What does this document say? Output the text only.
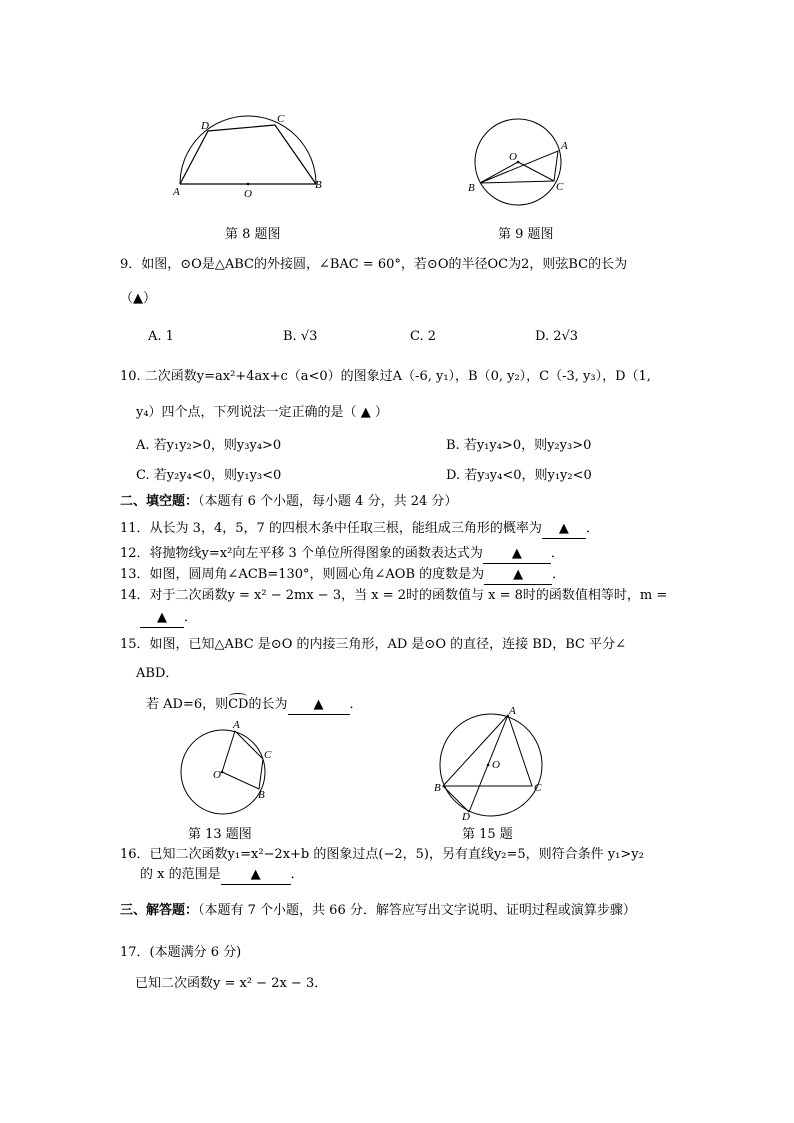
A
B
C
D
O
第 8 题图
A
B	C
O
第 9 题图
9．如图，⊙O是△ABC的外接圆，∠BAC = 60°，若⊙O的半径OC为2，则弦BC的长为
（▲）
A. 1	B. √3	C. 2	D. 2√3
10. 二次函数y=ax²+4ax+c（a<0）的图象过A（-6, y₁），B（0, y₂），C（-3, y₃），D（1,
y₄）四个点，下列说法一定正确的是（ ▲ ）
A. 若y₁y₂>0，则y₃y₄>0	B. 若y₁y₄>0，则y₂y₃>0
C. 若y₂y₄<0，则y₁y₃<0	D. 若y₃y₄<0，则y₁y₂<0
二、填空题：（本题有 6 个小题，每小题 4 分，共 24 分）
11．从长为 3，4，5，7 的四根木条中任取三根，能组成三角形的概率为 ▲ ．
12．将抛物线y=x²向左平移 3 个单位所得图象的函数表达式为 ▲ ．
13．如图，圆周角∠ACB=130°，则圆心角∠AOB 的度数是为 ▲ ．
14．对于二次函数y = x² − 2mx − 3，当 x = 2时的函数值与 x = 8时的函数值相等时，m =
▲ ．
15．如图，已知△ABC 是⊙O 的内接三角形，AD 是⊙O 的直径，连接 BD，BC 平分∠
ABD．
若 AD=6，则CD的长为 ▲ ．
A
B
C
O
第 13 题图
A
B	C
D
O
第 15 题
16．已知二次函数y₁=x²−2x+b 的图象过点(−2，5)，另有直线y₂=5，则符合条件 y₁>y₂
的 x 的范围是 ▲ ．
三、解答题：（本题有 7 个小题，共 66 分．解答应写出文字说明、证明过程或演算步骤）
17．(本题满分 6 分)
已知二次函数y = x² − 2x − 3．
